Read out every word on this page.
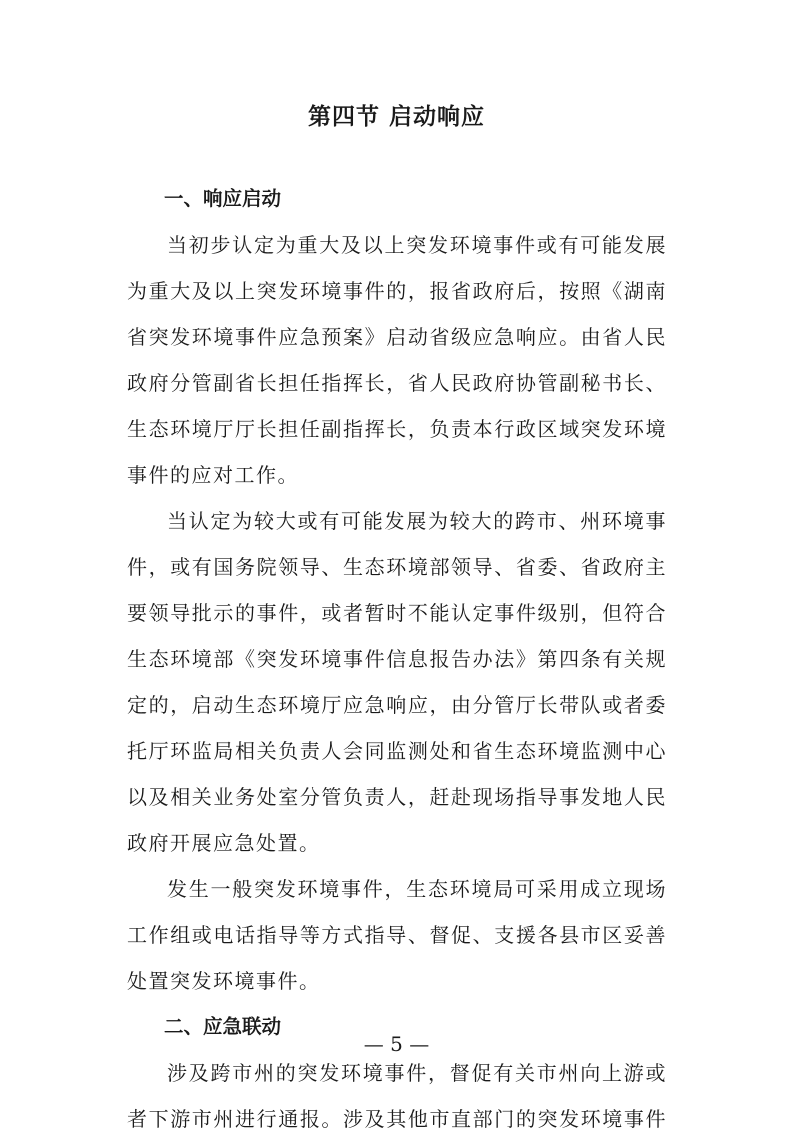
第四节 启动响应
一、响应启动
当初步认定为重大及以上突发环境事件或有可能发展
为重大及以上突发环境事件的，报省政府后，按照《湖南
省突发环境事件应急预案》启动省级应急响应。由省人民
政府分管副省长担任指挥长，省人民政府协管副秘书长、
生态环境厅厅长担任副指挥长，负责本行政区域突发环境
事件的应对工作。
当认定为较大或有可能发展为较大的跨市、州环境事
件，或有国务院领导、生态环境部领导、省委、省政府主
要领导批示的事件，或者暂时不能认定事件级别，但符合
生态环境部《突发环境事件信息报告办法》第四条有关规
定的，启动生态环境厅应急响应，由分管厅长带队或者委
托厅环监局相关负责人会同监测处和省生态环境监测中心
以及相关业务处室分管负责人，赶赴现场指导事发地人民
政府开展应急处置。
发生一般突发环境事件，生态环境局可采用成立现场
工作组或电话指导等方式指导、督促、支援各县市区妥善
处置突发环境事件。
二、应急联动
涉及跨市州的突发环境事件，督促有关市州向上游或
者下游市州进行通报。涉及其他市直部门的突发环境事件
— 5 —
